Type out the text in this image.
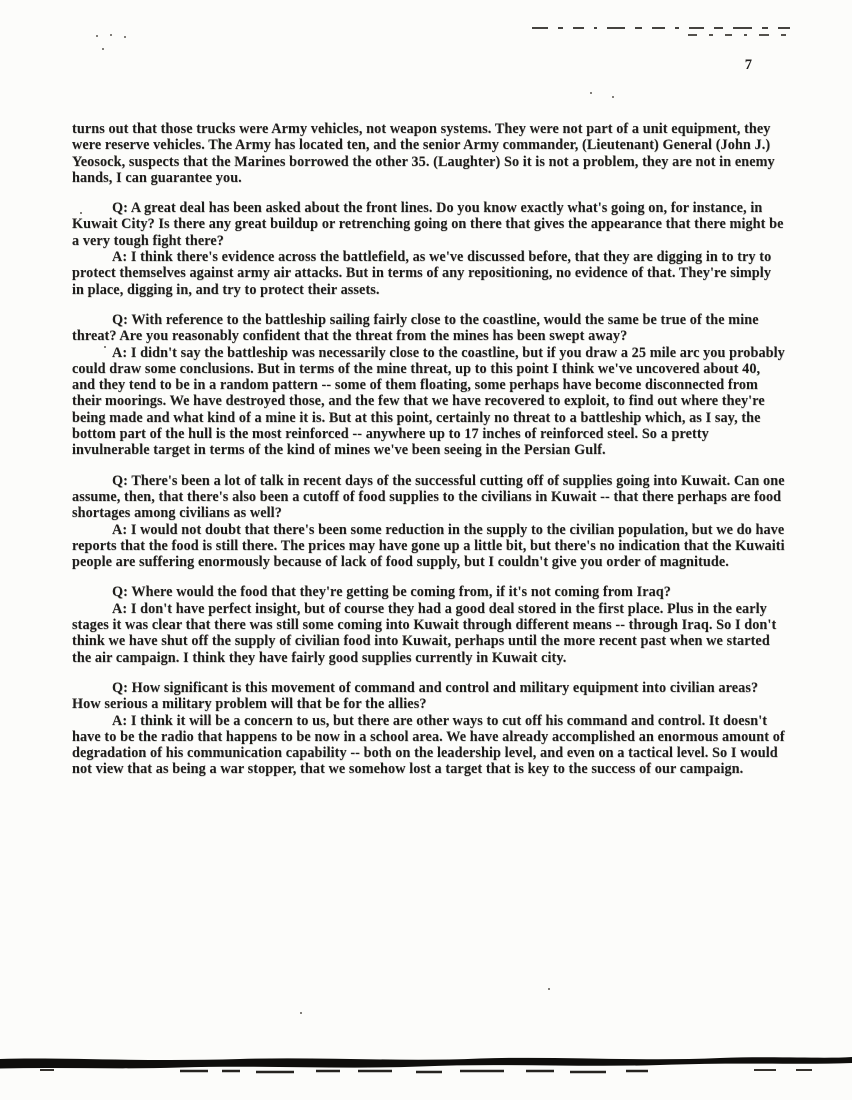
7

turns out that those trucks were Army vehicles, not weapon systems. They were not part of a unit equipment, they were reserve vehicles. The Army has located ten, and the senior Army commander, (Lieutenant) General (John J.) Yeosock, suspects that the Marines borrowed the other 35. (Laughter) So it is not a problem, they are not in enemy hands, I can guarantee you.

Q: A great deal has been asked about the front lines. Do you know exactly what's going on, for instance, in Kuwait City? Is there any great buildup or retrenching going on there that gives the appearance that there might be a very tough fight there?

A: I think there's evidence across the battlefield, as we've discussed before, that they are digging in to try to protect themselves against army air attacks. But in terms of any repositioning, no evidence of that. They're simply in place, digging in, and try to protect their assets.

Q: With reference to the battleship sailing fairly close to the coastline, would the same be true of the mine threat? Are you reasonably confident that the threat from the mines has been swept away?

A: I didn't say the battleship was necessarily close to the coastline, but if you draw a 25 mile arc you probably could draw some conclusions. But in terms of the mine threat, up to this point I think we've uncovered about 40, and they tend to be in a random pattern -- some of them floating, some perhaps have become disconnected from their moorings. We have destroyed those, and the few that we have recovered to exploit, to find out where they're being made and what kind of a mine it is. But at this point, certainly no threat to a battleship which, as I say, the bottom part of the hull is the most reinforced -- anywhere up to 17 inches of reinforced steel. So a pretty invulnerable target in terms of the kind of mines we've been seeing in the Persian Gulf.

Q: There's been a lot of talk in recent days of the successful cutting off of supplies going into Kuwait. Can one assume, then, that there's also been a cutoff of food supplies to the civilians in Kuwait -- that there perhaps are food shortages among civilians as well?

A: I would not doubt that there's been some reduction in the supply to the civilian population, but we do have reports that the food is still there. The prices may have gone up a little bit, but there's no indication that the Kuwaiti people are suffering enormously because of lack of food supply, but I couldn't give you order of magnitude.

Q: Where would the food that they're getting be coming from, if it's not coming from Iraq?

A: I don't have perfect insight, but of course they had a good deal stored in the first place. Plus in the early stages it was clear that there was still some coming into Kuwait through different means -- through Iraq. So I don't think we have shut off the supply of civilian food into Kuwait, perhaps until the more recent past when we started the air campaign. I think they have fairly good supplies currently in Kuwait city.

Q: How significant is this movement of command and control and military equipment into civilian areas? How serious a military problem will that be for the allies?

A: I think it will be a concern to us, but there are other ways to cut off his command and control. It doesn't have to be the radio that happens to be now in a school area. We have already accomplished an enormous amount of degradation of his communication capability -- both on the leadership level, and even on a tactical level. So I would not view that as being a war stopper, that we somehow lost a target that is key to the success of our campaign.
